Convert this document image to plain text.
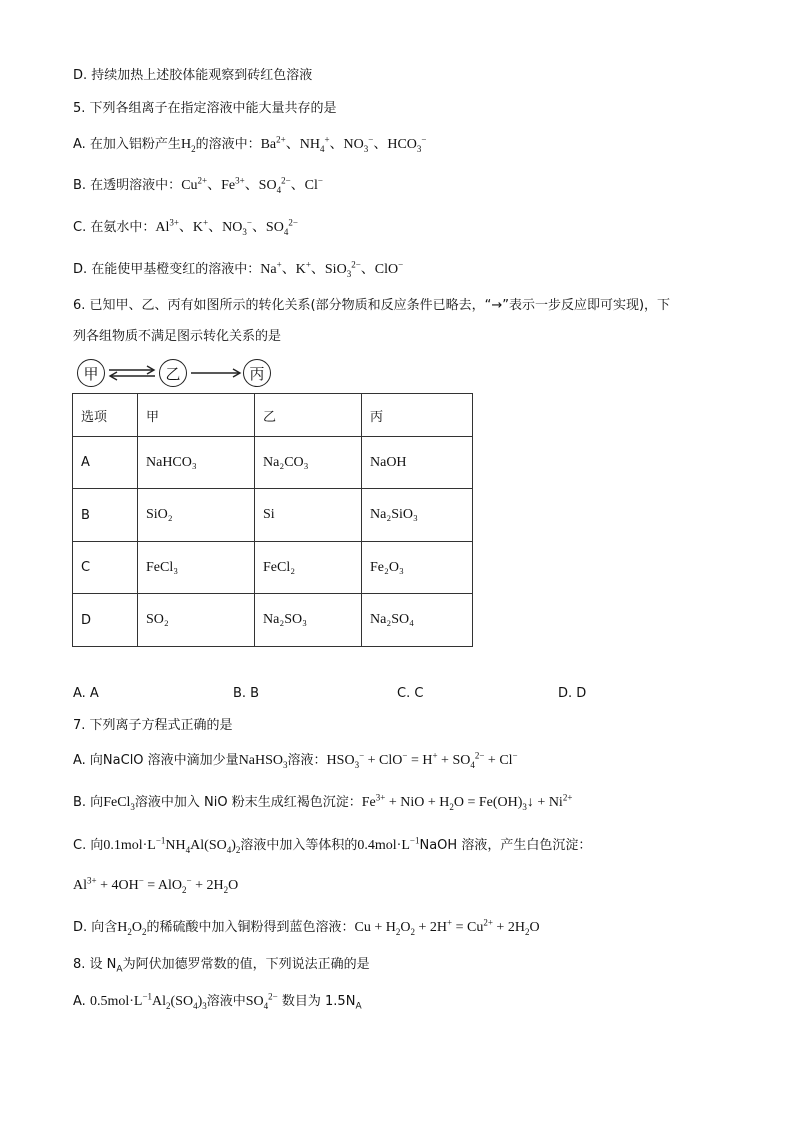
D. 持续加热上述胶体能观察到砖红色溶液
5. 下列各组离子在指定溶液中能大量共存的是
A. 在加入铝粉产生$H_2$的溶液中：$Ba^{2+}$、$NH_4^+$、$NO_3^-$、$HCO_3^-$
B. 在透明溶液中：$Cu^{2+}$、$Fe^{3+}$、$SO_4^{2-}$、Cl−
C. 在氨水中：$Al^{3+}$、K+、$NO_3^-$、$SO_4^{2-}$
D. 在能使甲基橙变红的溶液中：Na+、K+、SiO$_3^{2-}$、ClO−
6. 已知甲、乙、丙有如图所示的转化关系(部分物质和反应条件已略去，“→”表示一步反应即可实现)，下
列各组物质不满足图示转化关系的是
甲	乙	丙
选项	甲	乙	丙
A	NaHCO₃	Na₂CO₃	NaOH
B	SiO₂	Si	Na₂SiO₃
C	FeCl₃	FeCl₂	Fe₂O₃
D	SO₂	Na₂SO₃	Na₂SO₄
A. A	B. B	C. C	D. D
7. 下列离子方程式正确的是
A. 向NaClO 溶液中滴加少量NaHSO$_3$溶液：$HSO_3^- + ClO^- = H^+ + SO_4^{2-} + Cl^-$
B. 向FeCl$_3$溶液中加入 NiO 粉末生成红褐色沉淀：$Fe^{3+}$ + NiO + $H_2O$ = $Fe(OH)_3↓ + Ni^{2+}$
C. 向$0.1mol\cdot L^{-1}NH_4Al(SO_4)_2$溶液中加入等体积的$0.4mol\cdot L^{-1}NaOH$ 溶液，产生白色沉淀：
$Al^{3+} + 4OH^- = AlO_2^- + 2H_2O$
D. 向含$H_2O_2$的稀硫酸中加入铜粉得到蓝色溶液：$Cu + H_2O_2 + 2H^+ = Cu^{2+} + 2H_2O$
8. 设 $N_A$为阿伏加德罗常数的值，下列说法正确的是
A. $0.5mol\cdot L^{-1}Al_2(SO_4)_3$溶液中$SO_4^{2-}$ 数目为 $1.5N_A$
